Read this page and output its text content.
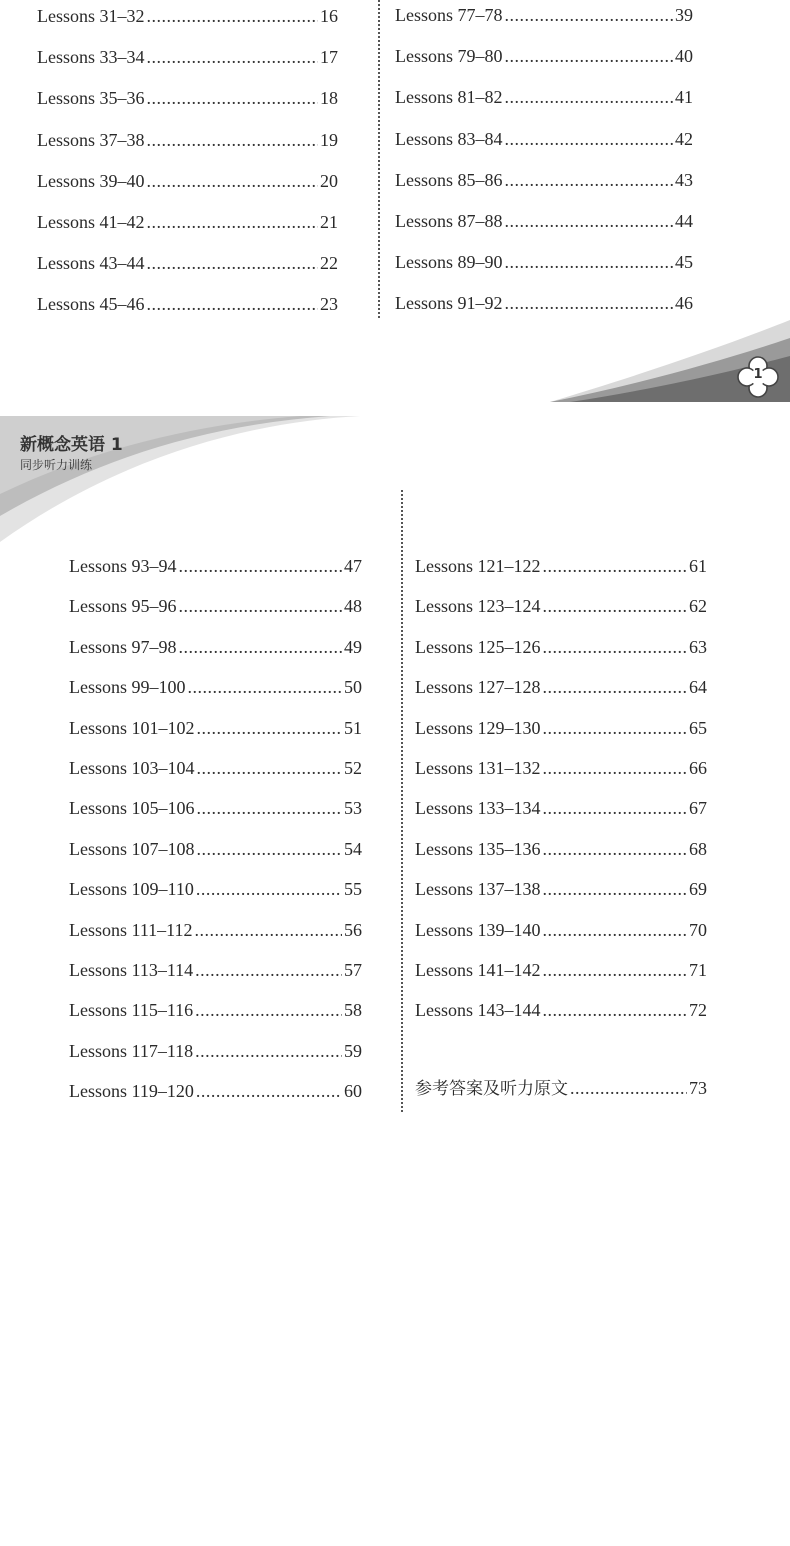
Lessons 31–32 .....	16
Lessons 33–34 .....	17
Lessons 35–36 .....	18
Lessons 37–38 .....	19
Lessons 39–40 .....	20
Lessons 41–42 .....	21
Lessons 43–44 .....	22
Lessons 45–46 .....	23
Lessons 77–78 .....	39
Lessons 79–80 .....	40
Lessons 81–82 .....	41
Lessons 83–84 .....	42
Lessons 85–86 .....	43
Lessons 87–88 .....	44
Lessons 89–90 .....	45
Lessons 91–92 .....	46
1
新概念英语 1
同步听力训练
Lessons 93–94 .....	47
Lessons 95–96 .....	48
Lessons 97–98 .....	49
Lessons 99–100 .....	50
Lessons 101–102 .....	51
Lessons 103–104 .....	52
Lessons 105–106 .....	53
Lessons 107–108 .....	54
Lessons 109–110 .....	55
Lessons 111–112 .....	56
Lessons 113–114 .....	57
Lessons 115–116 .....	58
Lessons 117–118 .....	59
Lessons 119–120 .....	60
Lessons 121–122 .....	61
Lessons 123–124 .....	62
Lessons 125–126 .....	63
Lessons 127–128 .....	64
Lessons 129–130 .....	65
Lessons 131–132 .....	66
Lessons 133–134 .....	67
Lessons 135–136 .....	68
Lessons 137–138 .....	69
Lessons 139–140 .....	70
Lessons 141–142 .....	71
Lessons 143–144 .....	72
参考答案及听力原文 .....	73
